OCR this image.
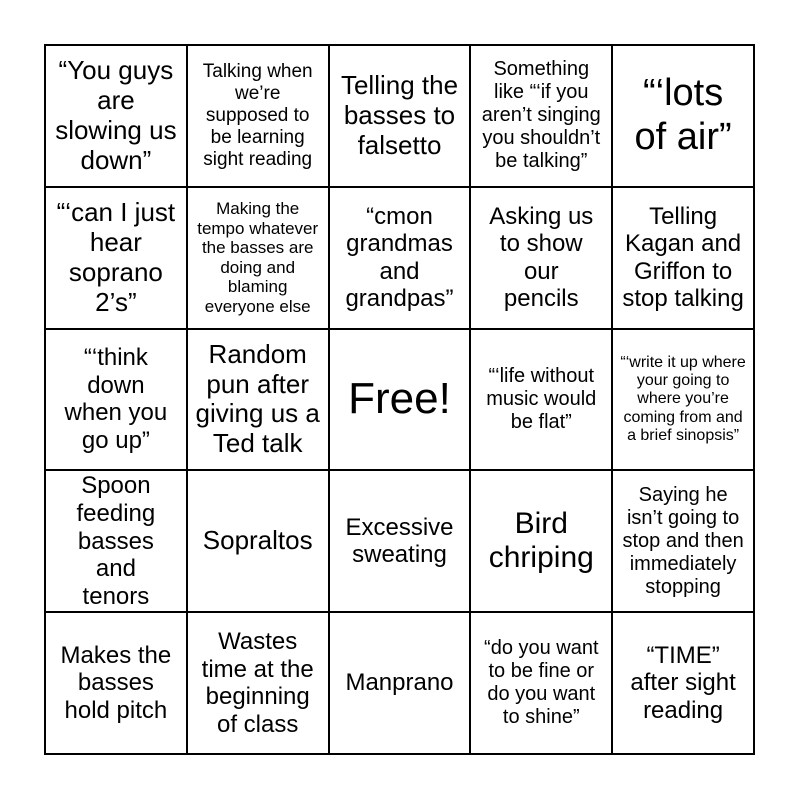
“You guys are slowing us down”
Talking when we’re supposed to be learning sight reading
Telling the basses to falsetto
Something like “‘if you aren’t singing you shouldn’t be talking”
“‘lots of air”
“‘can I just hear soprano 2’s”
Making the tempo whatever the basses are doing and blaming everyone else
“cmon grandmas and grandpas”
Asking us to show our pencils
Telling Kagan and Griffon to stop talking
“‘think down when you go up”
Random pun after giving us a Ted talk
Free!	“‘life without music would be flat”
“‘write it up where your going to where you’re coming from and a brief sinopsis”
Spoon feeding basses and tenors
Sopraltos	Excessive sweating
Bird chriping
Saying he isn’t going to stop and then immediately stopping
Makes the basses hold pitch
Wastes time at the beginning of class
Manprano
“do you want to be fine or do you want to shine”
“TIME” after sight reading
